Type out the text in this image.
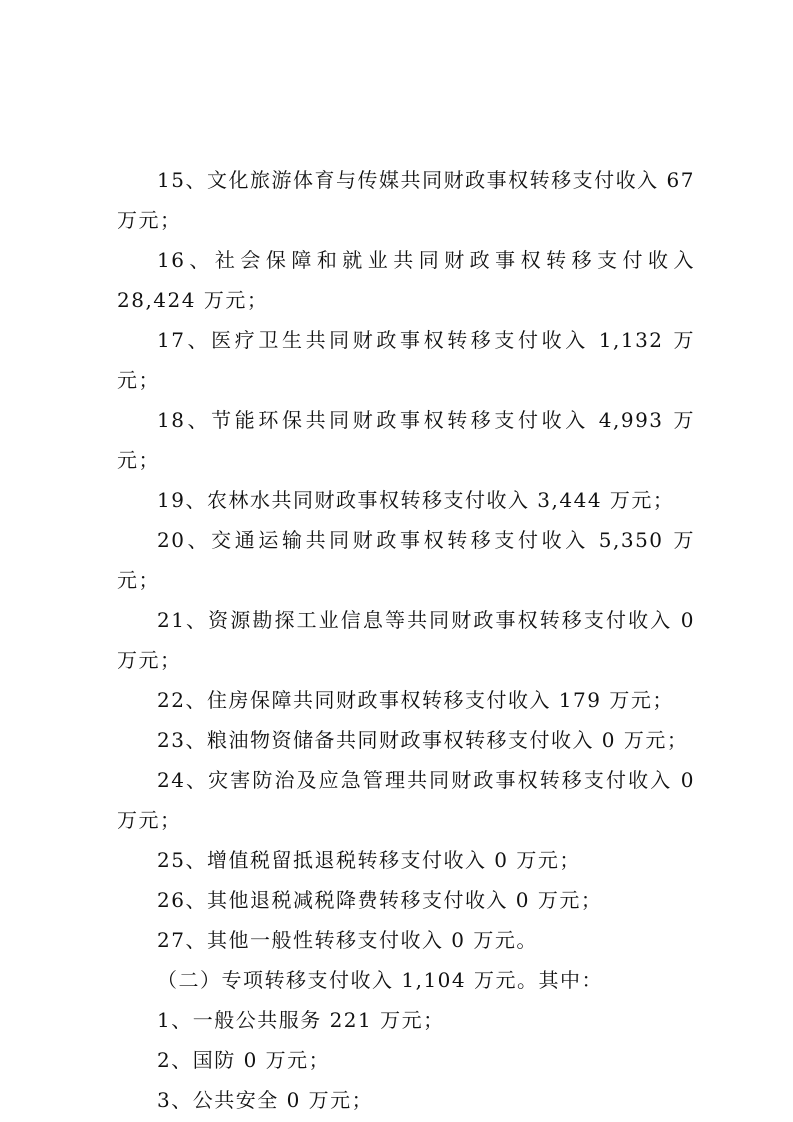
15、文化旅游体育与传媒共同财政事权转移支付收入 67 万元；

16、社会保障和就业共同财政事权转移支付收入 28,424 万元；

17、医疗卫生共同财政事权转移支付收入 1,132 万元；

18、节能环保共同财政事权转移支付收入 4,993 万元；

19、农林水共同财政事权转移支付收入 3,444 万元；

20、交通运输共同财政事权转移支付收入 5,350 万元；

21、资源勘探工业信息等共同财政事权转移支付收入 0 万元；

22、住房保障共同财政事权转移支付收入 179 万元；

23、粮油物资储备共同财政事权转移支付收入 0 万元；

24、灾害防治及应急管理共同财政事权转移支付收入 0 万元；

25、增值税留抵退税转移支付收入 0 万元；

26、其他退税减税降费转移支付收入 0 万元；

27、其他一般性转移支付收入 0 万元。

（二）专项转移支付收入 1,104 万元。其中：

1、一般公共服务 221 万元；

2、国防 0 万元；

3、公共安全 0 万元；
